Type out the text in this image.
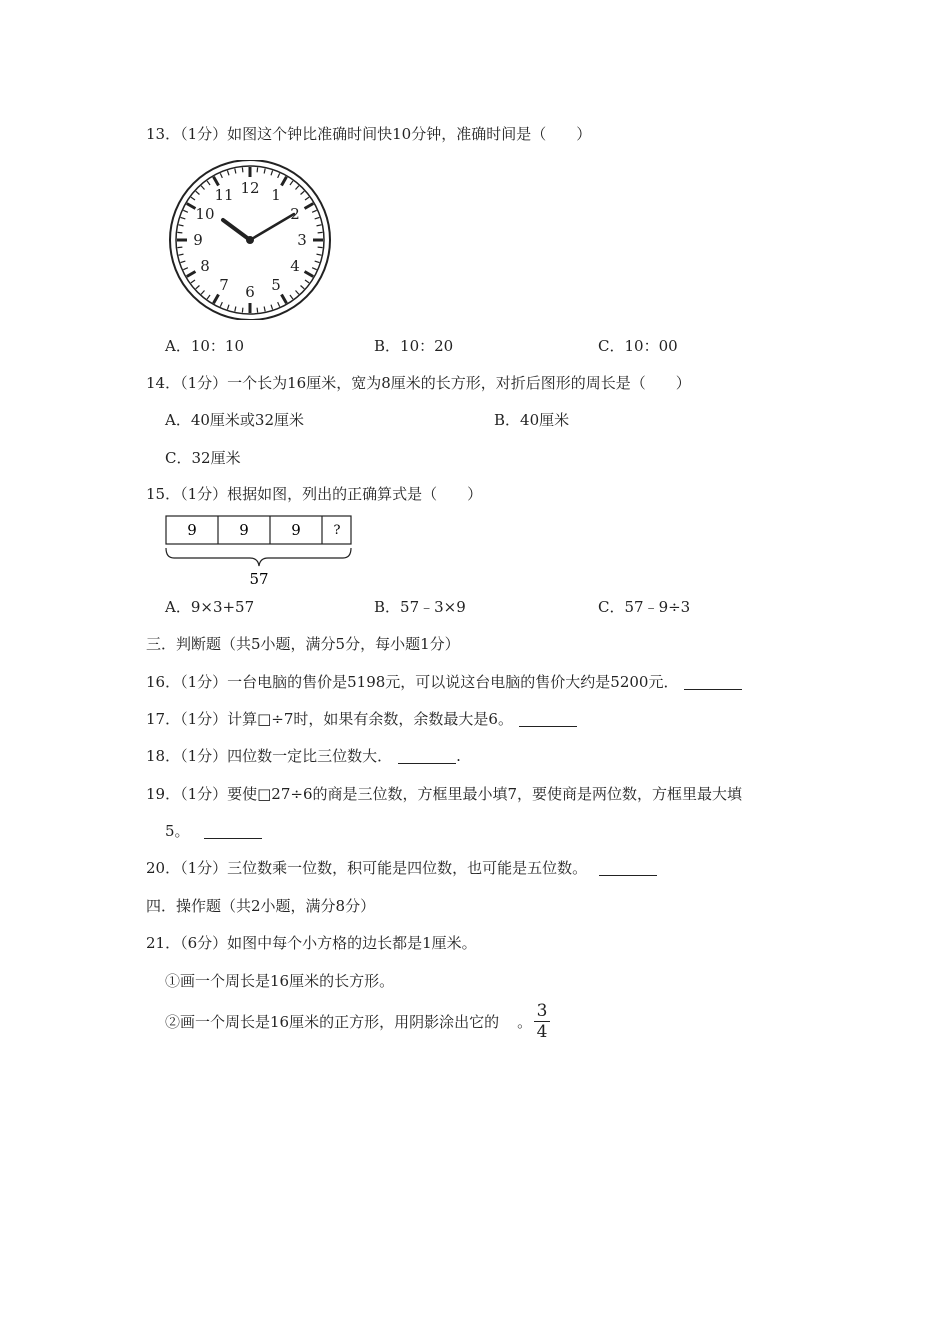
13．（1分）如图这个钟比准确时间快10分钟，准确时间是（　　）
12 1
2
3
4
5
6
7
8
9
10
11
A．10：10	B．10：20	C．10：00
14．（1分）一个长为16厘米，宽为8厘米的长方形，对折后图形的周长是（　　）
A．40厘米或32厘米	B．40厘米
C．32厘米
15．（1分）根据如图，列出的正确算式是（　　）
9	9	9	?
57
A．9×3+57	B．57﹣3×9	C．57﹣9÷3
三．判断题（共5小题，满分5分，每小题1分）
16．（1分）一台电脑的售价是5198元，可以说这台电脑的售价大约是5200元．
17．（1分）计算□÷7时，如果有余数，余数最大是6。
18．（1分）四位数一定比三位数大．	.
19．（1分）要使□27÷6的商是三位数，方框里最小填7，要使商是两位数，方框里最大填
5。
20．（1分）三位数乘一位数，积可能是四位数，也可能是五位数。
四．操作题（共2小题，满分8分）
21．（6分）如图中每个小方格的边长都是1厘米。
①画一个周长是16厘米的长方形。
②画一个周长是16厘米的正方形，用阴影涂出它的 。
3
4
